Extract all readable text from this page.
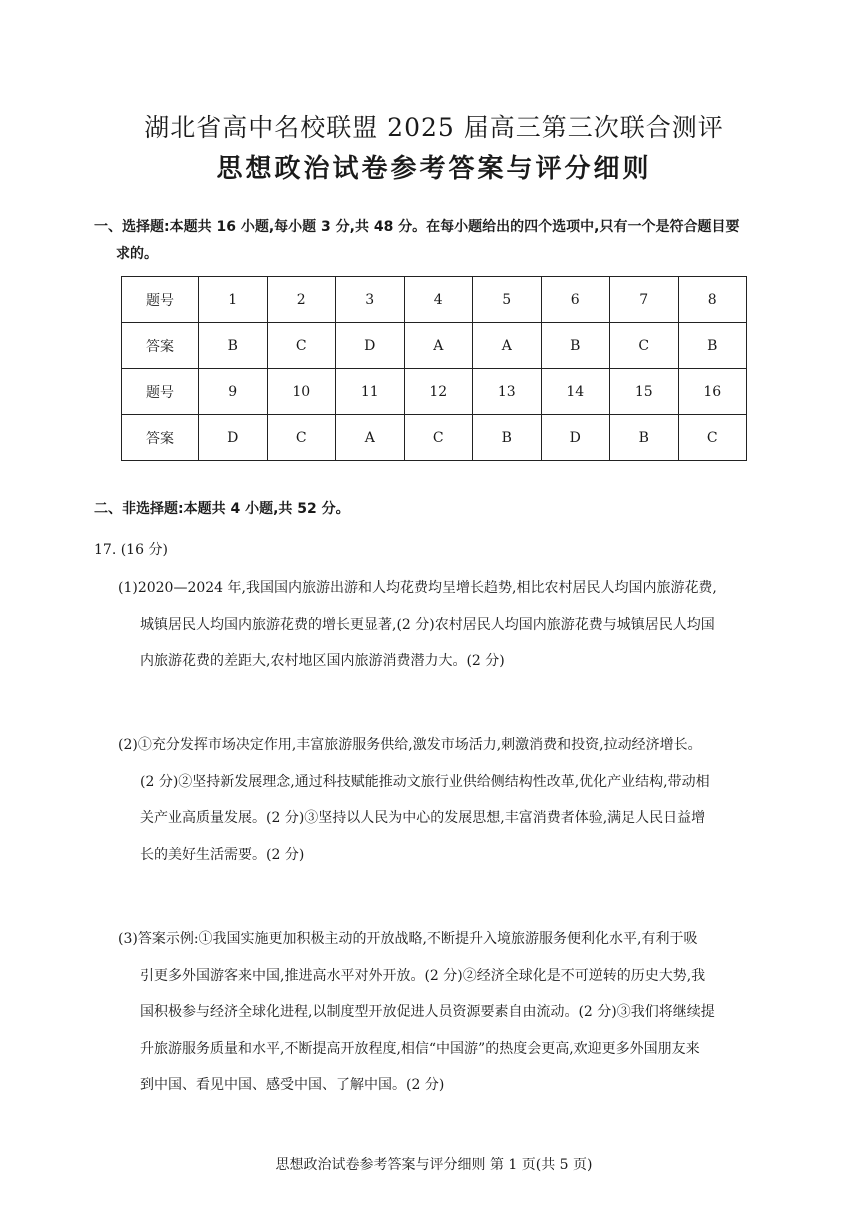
湖北省高中名校联盟 2025 届高三第三次联合测评
思想政治试卷参考答案与评分细则
一、选择题:本题共 16 小题,每小题 3 分,共 48 分。在每小题给出的四个选项中,只有一个是符合题目要
求的。
题号	1	2	3	4	5	6	7	8
答案	B	C	D	A	A	B	C	B
题号	9	10	11	12	13	14	15	16
答案	D	C	A	C	B	D	B	C
二、非选择题:本题共 4 小题,共 52 分。
17. (16 分)
(1)2020—2024 年,我国国内旅游出游和人均花费均呈增长趋势,相比农村居民人均国内旅游花费,
城镇居民人均国内旅游花费的增长更显著,(2 分)农村居民人均国内旅游花费与城镇居民人均国
内旅游花费的差距大,农村地区国内旅游消费潜力大。(2 分)
(2)①充分发挥市场决定作用,丰富旅游服务供给,激发市场活力,刺激消费和投资,拉动经济增长。
(2 分)②坚持新发展理念,通过科技赋能推动文旅行业供给侧结构性改革,优化产业结构,带动相
关产业高质量发展。(2 分)③坚持以人民为中心的发展思想,丰富消费者体验,满足人民日益增
长的美好生活需要。(2 分)
(3)答案示例:①我国实施更加积极主动的开放战略,不断提升入境旅游服务便利化水平,有利于吸
引更多外国游客来中国,推进高水平对外开放。(2 分)②经济全球化是不可逆转的历史大势,我
国积极参与经济全球化进程,以制度型开放促进人员资源要素自由流动。(2 分)③我们将继续提
升旅游服务质量和水平,不断提高开放程度,相信“中国游”的热度会更高,欢迎更多外国朋友来
到中国、看见中国、感受中国、了解中国。(2 分)
思想政治试卷参考答案与评分细则 第 1 页(共 5 页)
